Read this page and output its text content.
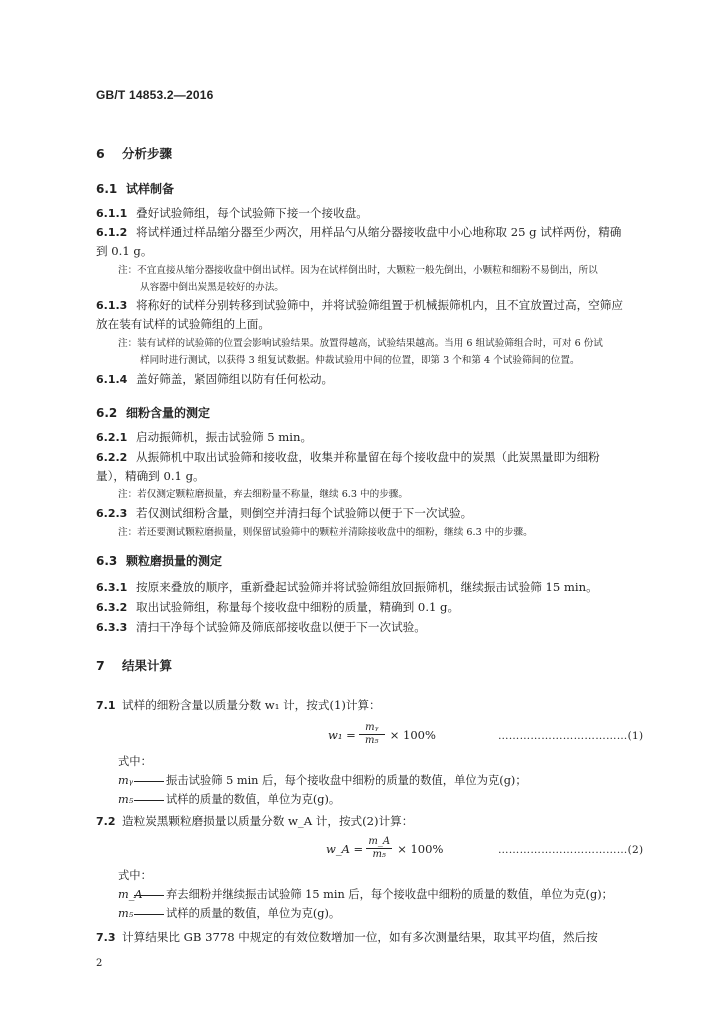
GB/T 14853.2—2016
6 分析步骤
6.1 试样制备
6.1.1 叠好试验筛组，每个试验筛下接一个接收盘。
6.1.2 将试样通过样品缩分器至少两次，用样品勺从缩分器接收盘中小心地称取 25 g 试样两份，精确
到 0.1 g。
注：不宜直接从缩分器接收盘中倒出试样。因为在试样倒出时，大颗粒一般先倒出，小颗粒和细粉不易倒出，所以
从容器中倒出炭黑是较好的办法。
6.1.3 将称好的试样分别转移到试验筛中，并将试验筛组置于机械振筛机内，且不宜放置过高，空筛应
放在装有试样的试验筛组的上面。
注：装有试样的试验筛的位置会影响试验结果。放置得越高，试验结果越高。当用 6 组试验筛组合时，可对 6 份试
样同时进行测试，以获得 3 组复试数据。仲裁试验用中间的位置，即第 3 个和第 4 个试验筛间的位置。
6.1.4 盖好筛盖，紧固筛组以防有任何松动。
6.2 细粉含量的测定
6.2.1 启动振筛机，振击试验筛 5 min。
6.2.2 从振筛机中取出试验筛和接收盘，收集并称量留在每个接收盘中的炭黑（此炭黑量即为细粉
量），精确到 0.1 g。
注：若仅测定颗粒磨损量，弃去细粉量不称量，继续 6.3 中的步骤。
6.2.3 若仅测试细粉含量，则倒空并清扫每个试验筛以便于下一次试验。
注：若还要测试颗粒磨损量，则保留试验筛中的颗粒并清除接收盘中的细粉，继续 6.3 中的步骤。
6.3 颗粒磨损量的测定
6.3.1 按原来叠放的顺序，重新叠起试验筛并将试验筛组放回振筛机，继续振击试验筛 15 min。
6.3.2 取出试验筛组，称量每个接收盘中细粉的质量，精确到 0.1 g。
6.3.3 清扫干净每个试验筛及筛底部接收盘以便于下一次试验。
7 结果计算
7.1 试样的细粉含量以质量分数 w₁ 计，按式(1)计算：
$w_1 = \frac{\text{mᵧ}}{\text{m₅}} \times 100\%$	………………………………(1)
式中：
mᵧ	振击试验筛 5 min 后，每个接收盘中细粉的质量的数值，单位为克(g)；
m₅	试样的质量的数值，单位为克(g)。
7.2 造粒炭黑颗粒磨损量以质量分数 w_A 计，按式(2)计算：
w_A = $\frac{m\_A}{\text{m₅}} \times 100\%$	………………………………(2)
式中：
m_A 弃去细粉并继续振击试验筛 15 min 后，每个接收盘中细粉的质量的数值，单位为克(g)；
m₅	试样的质量的数值，单位为克(g)。
7.3 计算结果比 GB 3778 中规定的有效位数增加一位，如有多次测量结果，取其平均值，然后按
2
